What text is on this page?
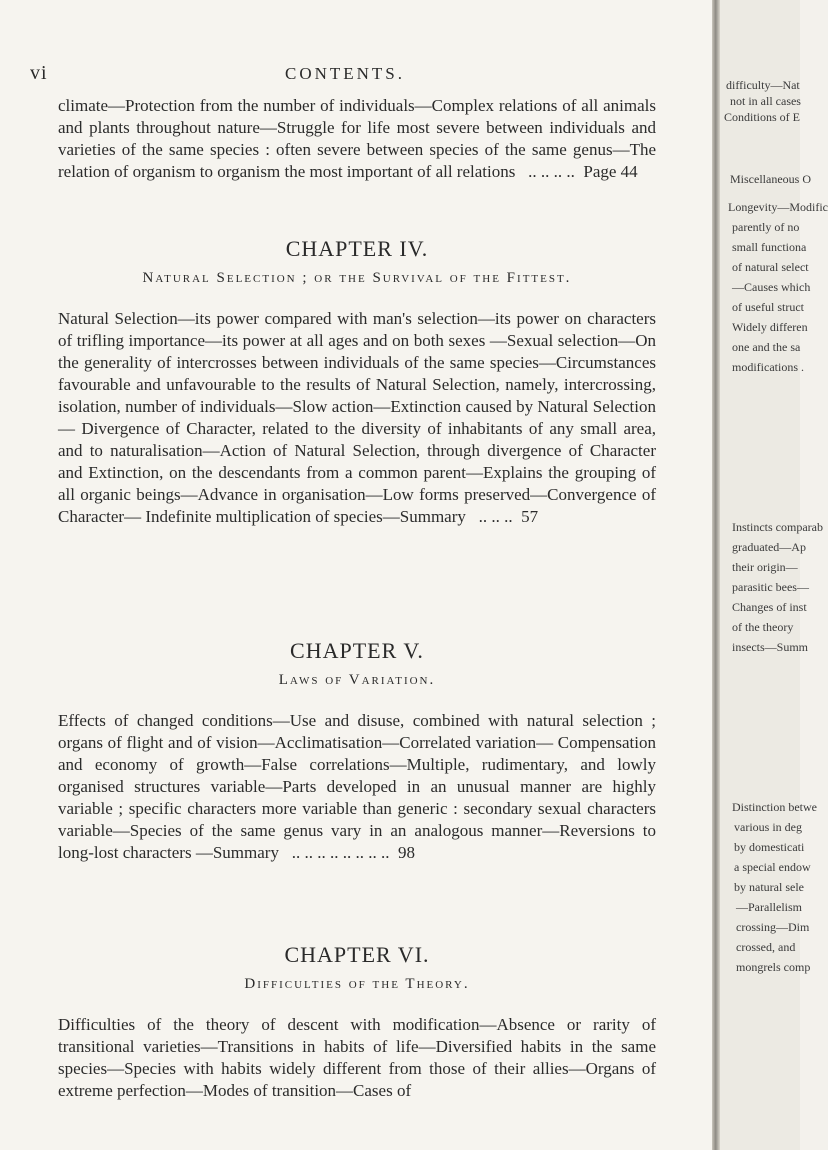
vi	CONTENTS.

climate—Protection from the number of individuals—Complex relations of all animals and plants throughout nature—Struggle for life most severe between individuals and varieties of the same species : often severe between species of the same genus—The relation of organism to organism the most important of all relations .. .. .. .. Page 44

CHAPTER IV.
Natural Selection ; or the Survival of the Fittest.

Natural Selection—its power compared with man's selection—its power on characters of trifling importance—its power at all ages and on both sexes —Sexual selection—On the generality of intercrosses between individuals of the same species—Circumstances favourable and unfavourable to the results of Natural Selection, namely, intercrossing, isolation, number of individuals—Slow action—Extinction caused by Natural Selection— Divergence of Character, related to the diversity of inhabitants of any small area, and to naturalisation—Action of Natural Selection, through divergence of Character and Extinction, on the descendants from a common parent—Explains the grouping of all organic beings—Advance in organisation—Low forms preserved—Convergence of Character— Indefinite multiplication of species—Summary .. .. .. 57

CHAPTER V.
Laws of Variation.

Effects of changed conditions—Use and disuse, combined with natural selection ; organs of flight and of vision—Acclimatisation—Correlated variation— Compensation and economy of growth—False correlations—Multiple, rudimentary, and lowly organised structures variable—Parts developed in an unusual manner are highly variable ; specific characters more variable than generic : secondary sexual characters variable—Species of the same genus vary in an analogous manner—Reversions to long-lost characters —Summary .. .. .. .. .. .. .. .. 98

CHAPTER VI.
Difficulties of the Theory.

Difficulties of the theory of descent with modification—Absence or rarity of transitional varieties—Transitions in habits of life—Diversified habits in the same species—Species with habits widely different from those of their allies—Organs of extreme perfection—Modes of transition—Cases of

difficulty—Nat
not in all cases
Conditions of E
Miscellaneous O
Longevity—Modific
parently of no
small functiona
of natural select
—Causes which
of useful struct
Widely differen
one and the sa
modifications .
Instincts comparab
graduated—Ap
their origin—
parasitic bees—
Changes of inst
of the theory
insects—Summ
Distinction betwe
various in deg
by domesticati
a special endow
by natural sele
—Parallelism
crossing—Dim
crossed, and
mongrels comp
